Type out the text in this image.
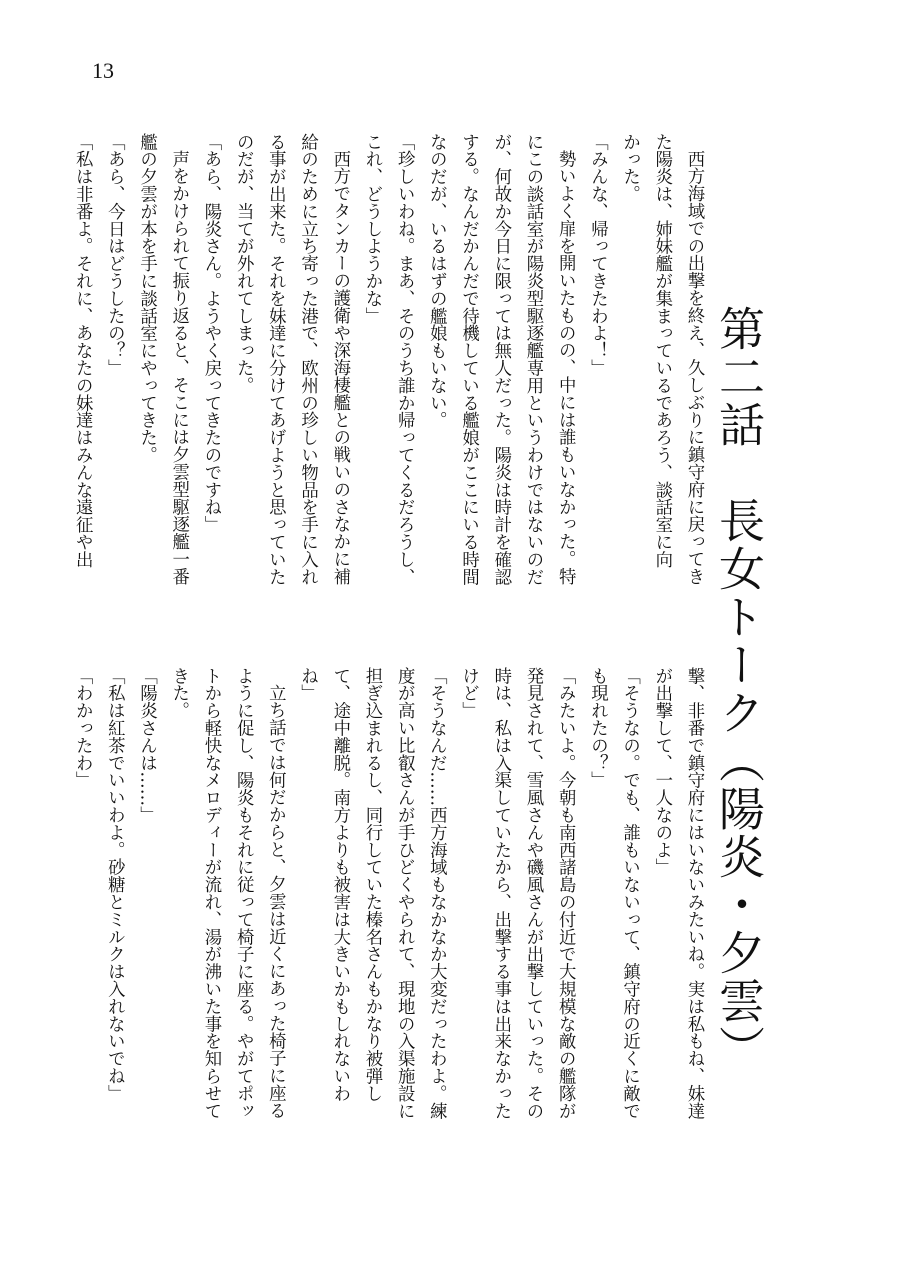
13
第二話　長女トーク（陽炎・夕雲）
西方海域での出撃を終え、久しぶりに鎮守府に戻ってき
た陽炎は、姉妹艦が集まっているであろう、談話室に向
かった。
「みんな、帰ってきたわよ！」
勢いよく扉を開いたものの、中には誰もいなかった。特
にこの談話室が陽炎型駆逐艦専用というわけではないのだ
が、何故か今日に限っては無人だった。陽炎は時計を確認
する。なんだかんだで待機している艦娘がここにいる時間
なのだが、いるはずの艦娘もいない。
「珍しいわね。まあ、そのうち誰か帰ってくるだろうし、
これ、どうしようかな」
西方でタンカーの護衛や深海棲艦との戦いのさなかに補
給のために立ち寄った港で、欧州の珍しい物品を手に入れ
る事が出来た。それを妹達に分けてあげようと思っていた
のだが、当てが外れてしまった。
「あら、陽炎さん。ようやく戻ってきたのですね」
声をかけられて振り返ると、そこには夕雲型駆逐艦一番
艦の夕雲が本を手に談話室にやってきた。
「あら、今日はどうしたの？」
「私は非番よ。それに、あなたの妹達はみんな遠征や出
撃、非番で鎮守府にはいないみたいね。実は私もね、妹達
が出撃して、一人なのよ」
「そうなの。でも、誰もいないって、鎮守府の近くに敵で
も現れたの？」
「みたいよ。今朝も南西諸島の付近で大規模な敵の艦隊が
発見されて、雪風さんや磯風さんが出撃していった。その
時は、私は入渠していたから、出撃する事は出来なかった
けど」
「そうなんだ……西方海域もなかなか大変だったわよ。練
度が高い比叡さんが手ひどくやられて、現地の入渠施設に
担ぎ込まれるし、同行していた榛名さんもかなり被弾し
て、途中離脱。南方よりも被害は大きいかもしれないわ
ね」
立ち話では何だからと、夕雲は近くにあった椅子に座る
ように促し、陽炎もそれに従って椅子に座る。やがてポッ
トから軽快なメロディーが流れ、湯が沸いた事を知らせて
きた。
「陽炎さんは……」
「私は紅茶でいいわよ。砂糖とミルクは入れないでね」
「わかったわ」
